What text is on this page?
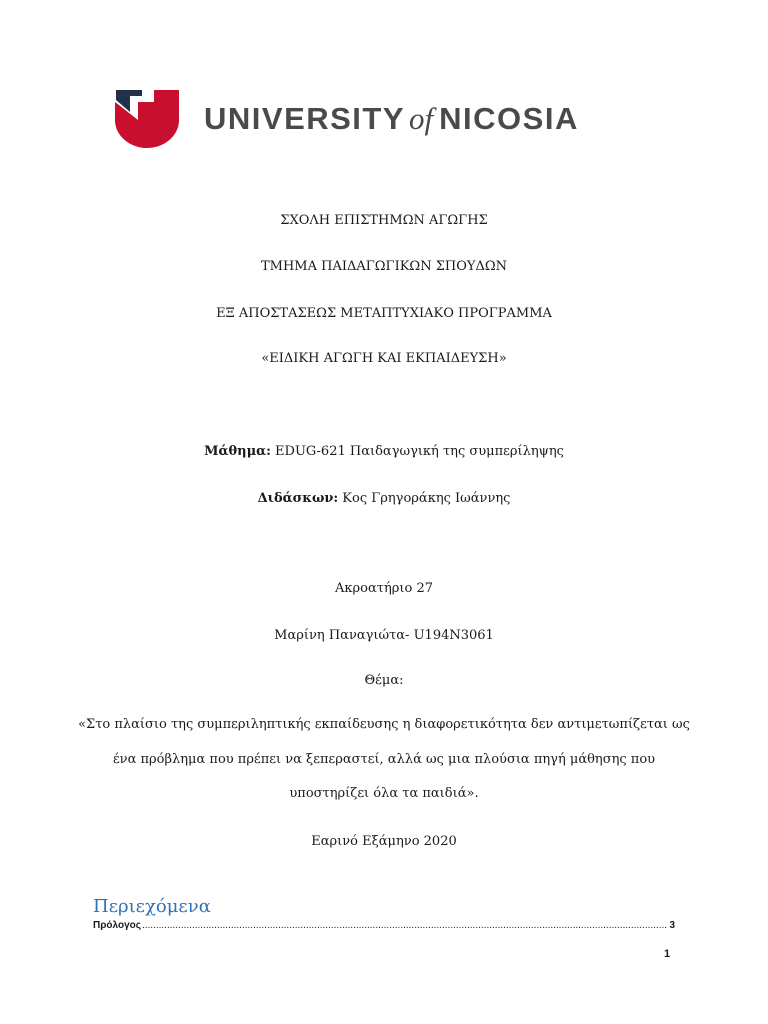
UNIVERSITY of NICOSIA
ΣΧΟΛΗ ΕΠΙΣΤΗΜΩΝ ΑΓΩΓΗΣ
ΤΜΗΜΑ ΠΑΙΔΑΓΩΓΙΚΩΝ ΣΠΟΥΔΩΝ
ΕΞ ΑΠΟΣΤΑΣΕΩΣ ΜΕΤΑΠΤΥΧΙΑΚΟ ΠΡΟΓΡΑΜΜΑ
«ΕΙΔΙΚΗ ΑΓΩΓΗ ΚΑΙ ΕΚΠΑΙΔΕΥΣΗ»
Μάθημα: EDUG-621 Παιδαγωγική της συμπερίληψης
Διδάσκων: Κος Γρηγοράκης Ιωάννης
Ακροατήριο 27
Μαρίνη Παναγιώτα- U194N3061
Θέμα:
«Στο πλαίσιο της συμπεριληπτικής εκπαίδευσης η διαφορετικότητα δεν αντιμετωπίζεται ως
ένα πρόβλημα που πρέπει να ξεπεραστεί, αλλά ως μια πλούσια πηγή μάθησης που
υποστηρίζει όλα τα παιδιά».
Εαρινό Εξάμηνο 2020
Περιεχόμενα
Πρόλογος
.....	3
1
